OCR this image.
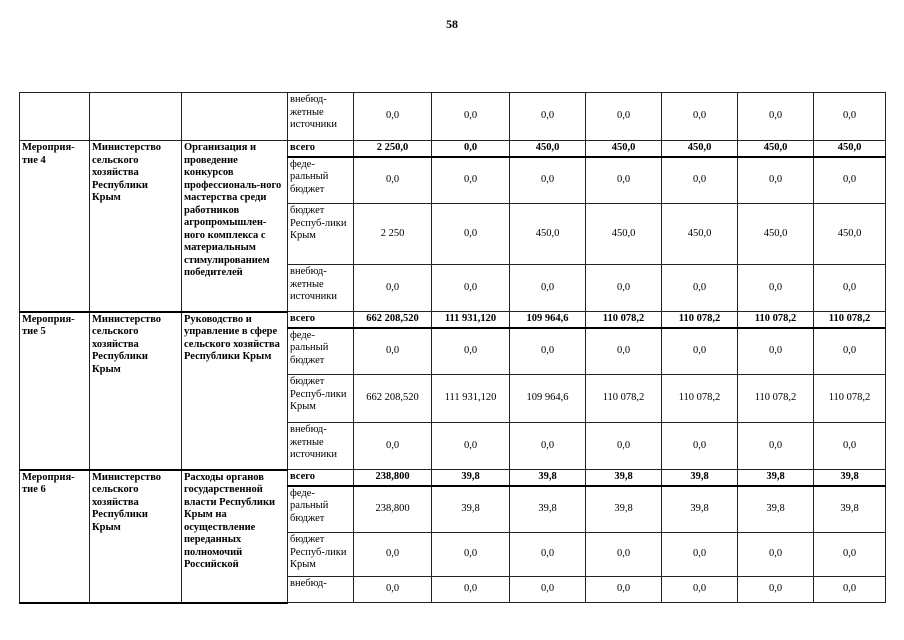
58
			внебюд-жетные источники	0,0	0,0	0,0	0,0	0,0	0,0	0,0
Мероприя-тие 4	Министерство сельского хозяйства Республики Крым	Организация и проведение конкурсов профессиональ-ного мастерства среди работников агропромышлен-ного комплекса с материальным стимулированием победителей	всего	2 250,0	0,0	450,0	450,0	450,0	450,0	450,0
			феде-ральный бюджет	0,0	0,0	0,0	0,0	0,0	0,0	0,0
			бюджет Респуб-лики Крым	2 250	0,0	450,0	450,0	450,0	450,0	450,0
			внебюд-жетные источники	0,0	0,0	0,0	0,0	0,0	0,0	0,0
Мероприя-тие 5	Министерство сельского хозяйства Республики Крым	Руководство и управление в сфере сельского хозяйства Республики Крым	всего	662 208,520	111 931,120	109 964,6	110 078,2	110 078,2	110 078,2	110 078,2
			феде-ральный бюджет	0,0	0,0	0,0	0,0	0,0	0,0	0,0
			бюджет Респуб-лики Крым	662 208,520	111 931,120	109 964,6	110 078,2	110 078,2	110 078,2	110 078,2
			внебюд-жетные источники	0,0	0,0	0,0	0,0	0,0	0,0	0,0
Мероприя-тие 6	Министерство сельского хозяйства Республики Крым	Расходы органов государственной власти Республики Крым на осуществление переданных полномочий Российской	всего	238,800	39,8	39,8	39,8	39,8	39,8	39,8
			феде-ральный бюджет	238,800	39,8	39,8	39,8	39,8	39,8	39,8
			бюджет Респуб-лики Крым	0,0	0,0	0,0	0,0	0,0	0,0	0,0
			внебюд-	0,0	0,0	0,0	0,0	0,0	0,0	0,0
